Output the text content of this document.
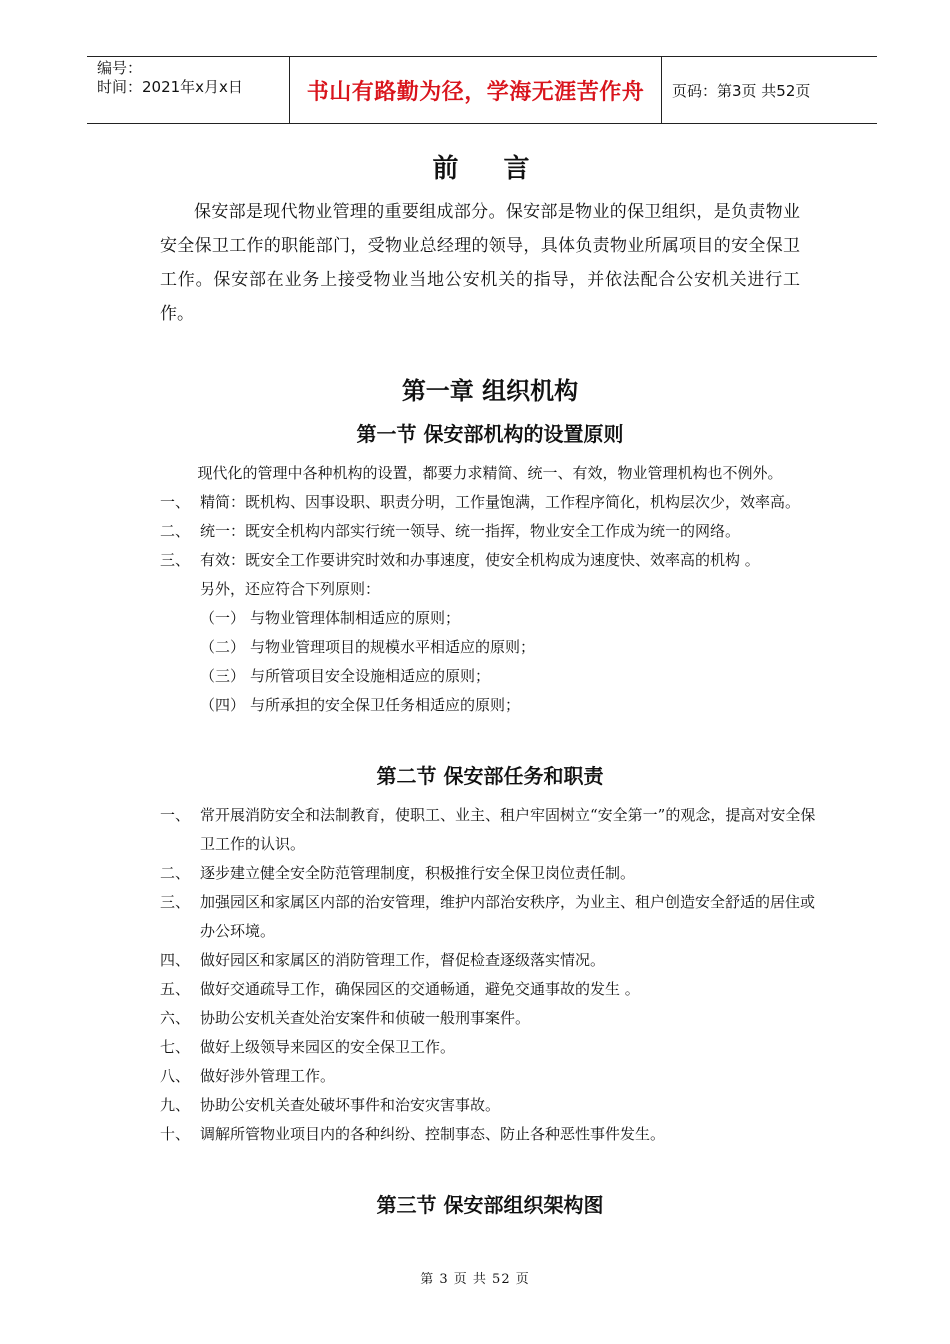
编号：
时间：2021年x月x日	书山有路勤为径，学海无涯苦作舟 页码：第3页 共52页
前 言

保安部是现代物业管理的重要组成部分。保安部是物业的保卫组织，是负责物业安全保卫工作的职能部门，受物业总经理的领导，具体负责物业所属项目的安全保卫工作。保安部在业务上接受物业当地公安机关的指导，并依法配合公安机关进行工作。

第一章 组织机构
第一节 保安部机构的设置原则

现代化的管理中各种机构的设置，都要力求精简、统一、有效，物业管理机构也不例外。

一、 精简：既机构、因事设职、职责分明，工作量饱满，工作程序简化，机构层次少，效率高。
二、 统一：既安全机构内部实行统一领导、统一指挥，物业安全工作成为统一的网络。
三、 有效：既安全工作要讲究时效和办事速度，使安全机构成为速度快、效率高的机构 。
另外，还应符合下列原则：
（一） 与物业管理体制相适应的原则；
（二） 与物业管理项目的规模水平相适应的原则；
（三） 与所管项目安全设施相适应的原则；
（四） 与所承担的安全保卫任务相适应的原则；
第二节 保安部任务和职责
一、 常开展消防安全和法制教育，使职工、业主、租户牢固树立“安全第一”的观念，提高对安全保卫工作的认识。
二、 逐步建立健全安全防范管理制度，积极推行安全保卫岗位责任制。
三、 加强园区和家属区内部的治安管理，维护内部治安秩序，为业主、租户创造安全舒适的居住或办公环境。
四、 做好园区和家属区的消防管理工作，督促检查逐级落实情况。
五、 做好交通疏导工作，确保园区的交通畅通，避免交通事故的发生 。
六、 协助公安机关查处治安案件和侦破一般刑事案件。
七、 做好上级领导来园区的安全保卫工作。
八、 做好涉外管理工作。
九、 协助公安机关查处破坏事件和治安灾害事故。
十、 调解所管物业项目内的各种纠纷、控制事态、防止各种恶性事件发生。
第三节 保安部组织架构图
第 3 页 共 52 页
